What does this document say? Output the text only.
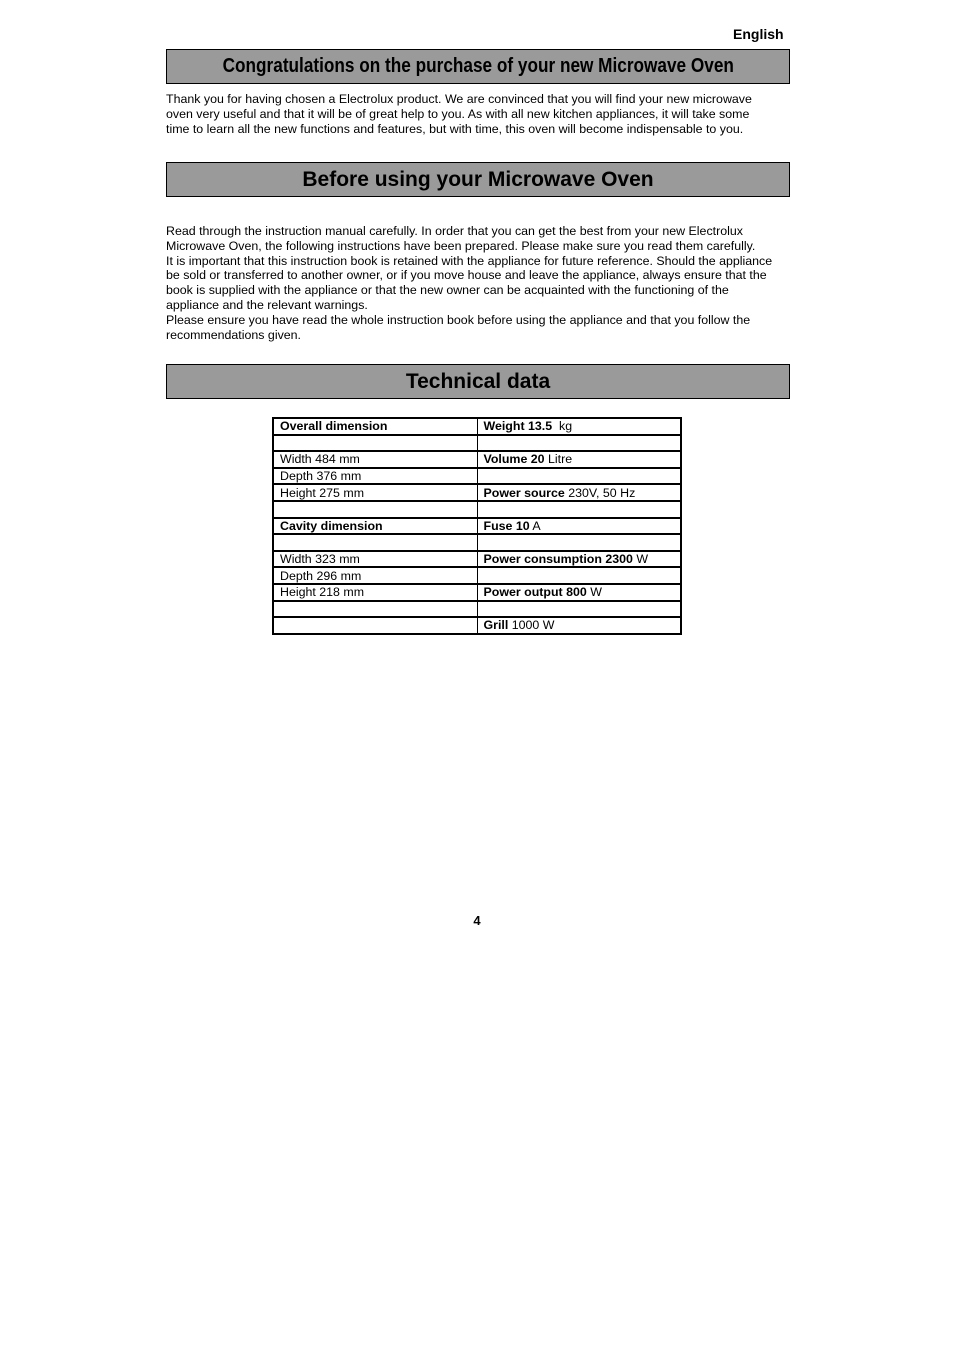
English
Congratulations on the purchase of your new Microwave Oven
Thank you for having chosen a Electrolux product. We are convinced that you will find your new microwave
oven very useful and that it will be of great help to you. As with all new kitchen appliances, it will take some
time to learn all the new functions and features, but with time, this oven will become indispensable to you.
Before using your Microwave Oven
Read through the instruction manual carefully. In order that you can get the best from your new Electrolux
Microwave Oven, the following instructions have been prepared. Please make sure you read them carefully.
It is important that this instruction book is retained with the appliance for future reference. Should the appliance
be sold or transferred to another owner, or if you move house and leave the appliance, always ensure that the
book is supplied with the appliance or that the new owner can be acquainted with the functioning of the
appliance and the relevant warnings.
Please ensure you have read the whole instruction book before using the appliance and that you follow the
recommendations given.
Technical data
Overall dimension	Weight 13.5  kg

Width 484 mm	Volume 20 Litre
Depth 376 mm	
Height 275 mm	Power source 230V, 50 Hz

Cavity dimension	Fuse 10 A

Width 323 mm	Power consumption 2300 W
Depth 296 mm	
Height 218 mm	Power output 800 W

	Grill 1000 W
4
